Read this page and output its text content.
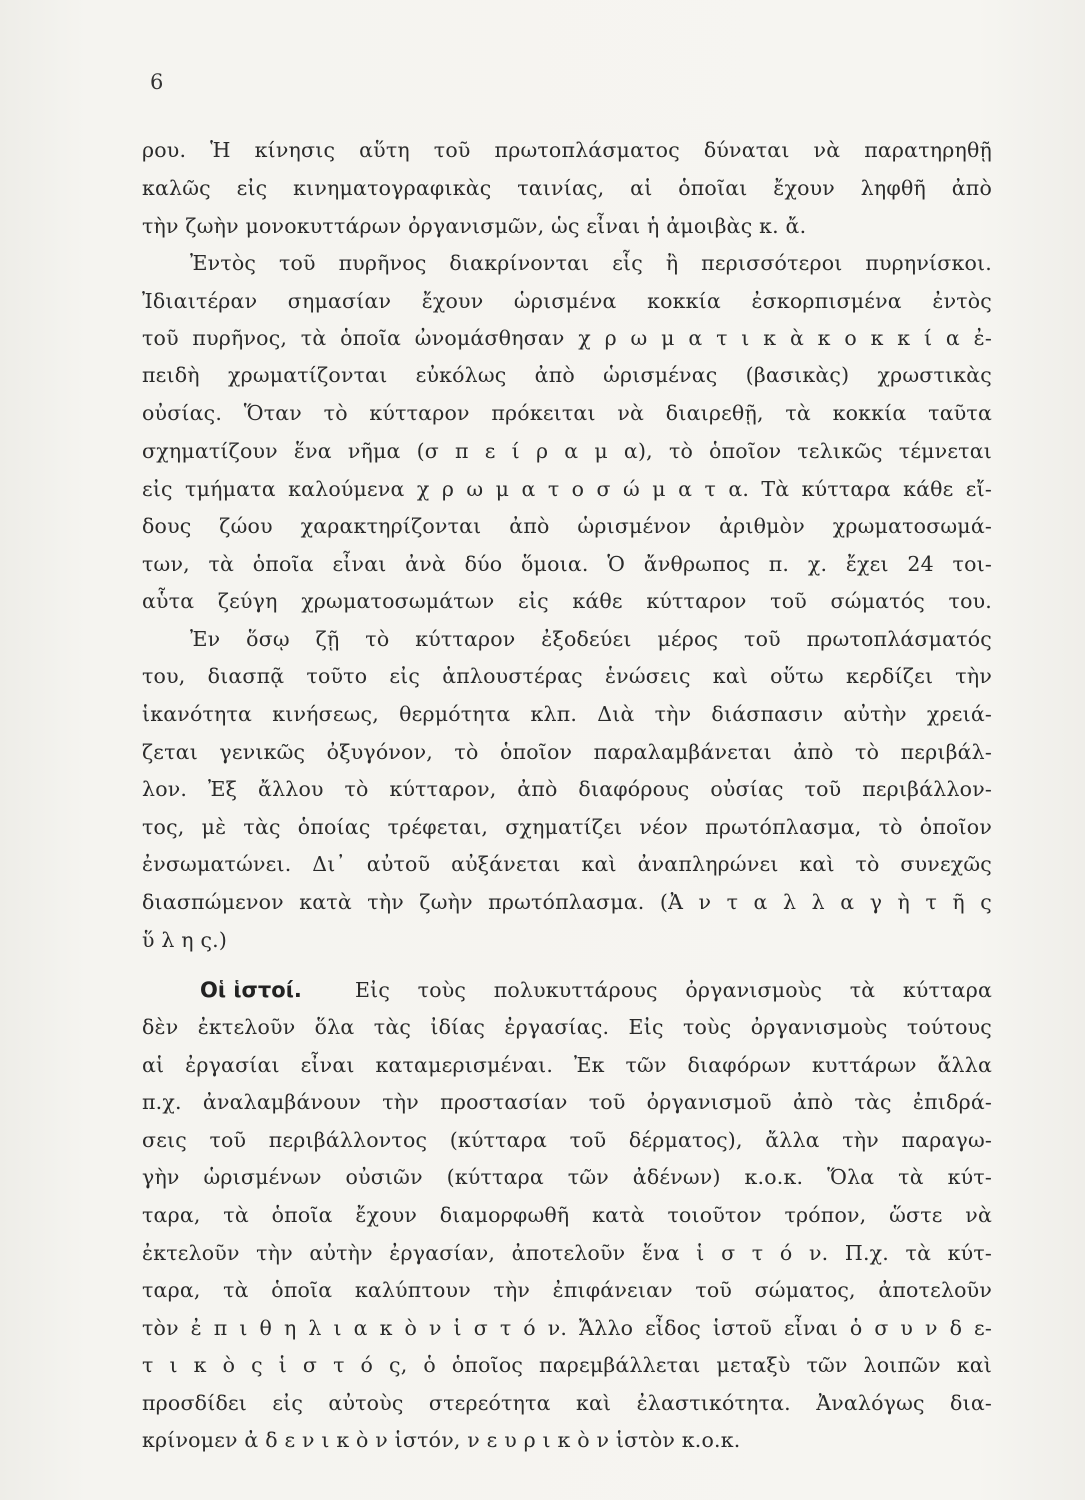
6
ρου. Ἡ κίνησις αὕτη τοῦ πρωτοπλάσματος δύναται νὰ παρατηρηθῇ
καλῶς εἰς κινηματογραφικὰς ταινίας, αἱ ὁποῖαι ἔχουν ληφθῆ ἀπὸ
τὴν ζωὴν μονοκυττάρων ὀργανισμῶν, ὡς εἶναι ἡ ἀμοιβὰς κ. ἄ.
Ἐντὸς τοῦ πυρῆνος διακρίνονται εἷς ἢ περισσότεροι πυρηνίσκοι.
Ἰδιαιτέραν σημασίαν ἔχουν ὡρισμένα κοκκία ἐσκορπισμένα ἐντὸς
τοῦ πυρῆνος, τὰ ὁποῖα ὠνομάσθησαν χ ρ ω μ α τ ι κ ὰ κ ο κ κ ί α ἐ-
πειδὴ χρωματίζονται εὐκόλως ἀπὸ ὡρισμένας (βασικὰς) χρωστικὰς
οὐσίας. Ὅταν τὸ κύτταρον πρόκειται νὰ διαιρεθῇ, τὰ κοκκία ταῦτα
σχηματίζουν ἕνα νῆμα (σ π ε ί ρ α μ α), τὸ ὁποῖον τελικῶς τέμνεται
εἰς τμήματα καλούμενα χ ρ ω μ α τ ο σ ώ μ α τ α. Τὰ κύτταρα κάθε εἴ-
δους ζώου χαρακτηρίζονται ἀπὸ ὡρισμένον ἀριθμὸν χρωματοσωμά-
των, τὰ ὁποῖα εἶναι ἀνὰ δύο ὅμοια. Ὁ ἄνθρωπος π. χ. ἔχει 24 τοι-
αὗτα ζεύγη χρωματοσωμάτων εἰς κάθε κύτταρον τοῦ σώματός του.
Ἐν ὅσῳ ζῇ τὸ κύτταρον ἐξοδεύει μέρος τοῦ πρωτοπλάσματός
του, διασπᾷ τοῦτο εἰς ἁπλουστέρας ἑνώσεις καὶ οὕτω κερδίζει τὴν
ἱκανότητα κινήσεως, θερμότητα κλπ. Διὰ τὴν διάσπασιν αὐτὴν χρειά-
ζεται γενικῶς ὀξυγόνον, τὸ ὁποῖον παραλαμβάνεται ἀπὸ τὸ περιβάλ-
λον. Ἐξ ἄλλου τὸ κύτταρον, ἀπὸ διαφόρους οὐσίας τοῦ περιβάλλον-
τος, μὲ τὰς ὁποίας τρέφεται, σχηματίζει νέον πρωτόπλασμα, τὸ ὁποῖον
ἐνσωματώνει. Δι᾿ αὐτοῦ αὐξάνεται καὶ ἀναπληρώνει καὶ τὸ συνεχῶς
διασπώμενον κατὰ τὴν ζωὴν πρωτόπλασμα. (Ἀ ν τ α λ λ α γ ὴ τ ῆ ς
ὕ λ η ς.)
Οἱ ἱστοί.	Εἰς τοὺς πολυκυττάρους ὀργανισμοὺς τὰ κύτταρα
δὲν ἐκτελοῦν ὅλα τὰς ἰδίας ἐργασίας. Εἰς τοὺς ὀργανισμοὺς τούτους
αἱ ἐργασίαι εἶναι καταμερισμέναι. Ἐκ τῶν διαφόρων κυττάρων ἄλλα
π.χ. ἀναλαμβάνουν τὴν προστασίαν τοῦ ὀργανισμοῦ ἀπὸ τὰς ἐπιδρά-
σεις τοῦ περιβάλλοντος (κύτταρα τοῦ δέρματος), ἄλλα τὴν παραγω-
γὴν ὡρισμένων οὐσιῶν (κύτταρα τῶν ἀδένων) κ.ο.κ. Ὅλα τὰ κύτ-
ταρα, τὰ ὁποῖα ἔχουν διαμορφωθῆ κατὰ τοιοῦτον τρόπον, ὥστε νὰ
ἐκτελοῦν τὴν αὐτὴν ἐργασίαν, ἀποτελοῦν ἕνα ἱ σ τ ό ν. Π.χ. τὰ κύτ-
ταρα, τὰ ὁποῖα καλύπτουν τὴν ἐπιφάνειαν τοῦ σώματος, ἀποτελοῦν
τὸν ἐ π ι θ η λ ι α κ ὸ ν ἱ σ τ ό ν. Ἄλλο εἶδος ἱστοῦ εἶναι ὁ σ υ ν δ ε-
τ ι κ ὸ ς ἱ σ τ ό ς, ὁ ὁποῖος παρεμβάλλεται μεταξὺ τῶν λοιπῶν καὶ
προσδίδει εἰς αὐτοὺς στερεότητα καὶ ἐλαστικότητα. Ἀναλόγως δια-
κρίνομεν ἀ δ ε ν ι κ ὸ ν ἱστόν, ν ε υ ρ ι κ ὸ ν ἱστὸν κ.ο.κ.
